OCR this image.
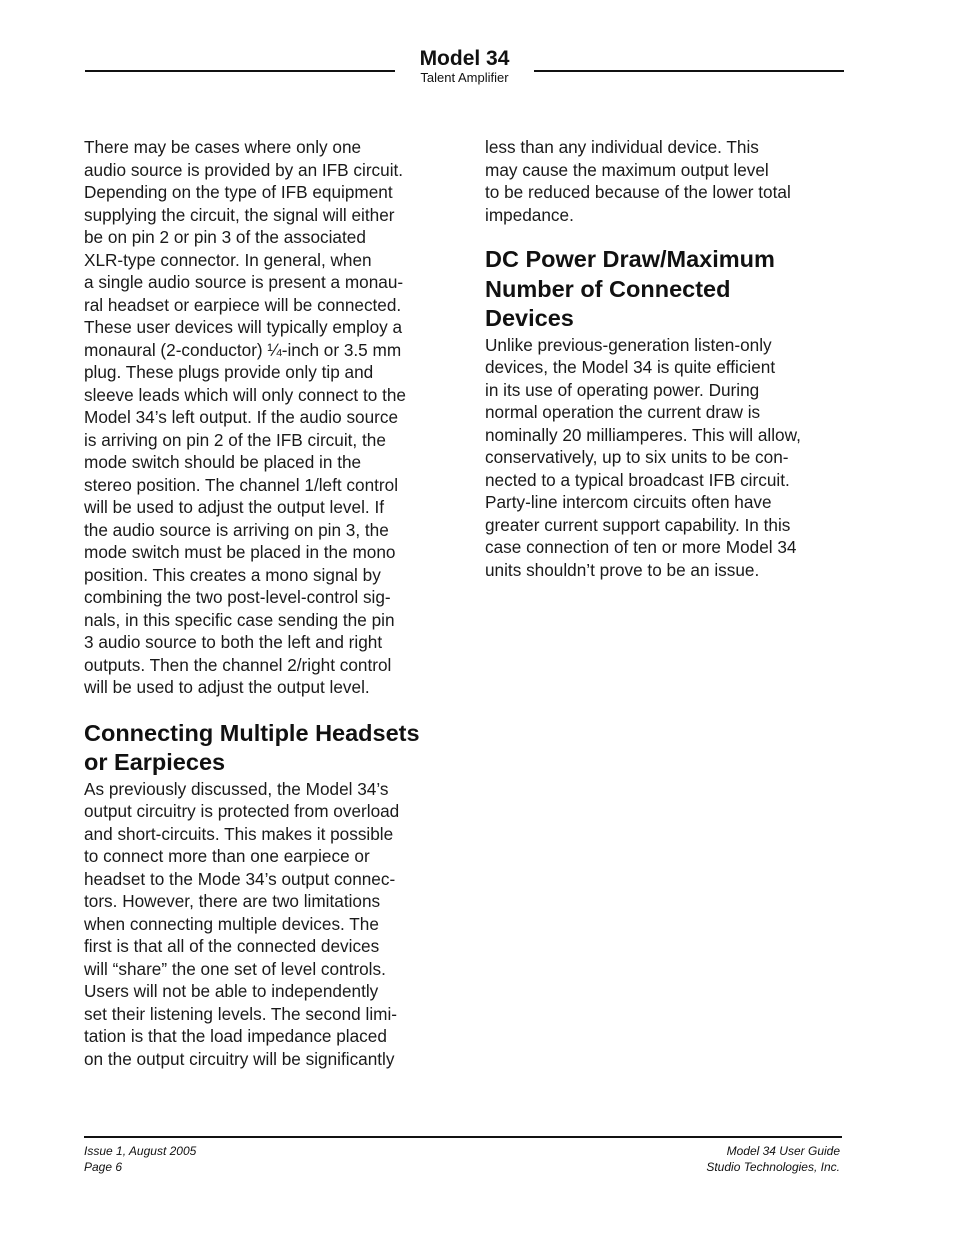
Model 34
Talent Amplifier

There may be cases where only one
audio source is provided by an IFB circuit.
Depending on the type of IFB equipment
supplying the circuit, the signal will either
be on pin 2 or pin 3 of the associated
XLR-type connector. In general, when
a single audio source is present a monau-
ral headset or earpiece will be connected.
These user devices will typically employ a
monaural (2-conductor) ¼-inch or 3.5 mm
plug. These plugs provide only tip and
sleeve leads which will only connect to the
Model 34’s left output. If the audio source
is arriving on pin 2 of the IFB circuit, the
mode switch should be placed in the
stereo position. The channel 1/left control
will be used to adjust the output level. If
the audio source is arriving on pin 3, the
mode switch must be placed in the mono
position. This creates a mono signal by
combining the two post-level-control sig-
nals, in this specific case sending the pin
3 audio source to both the left and right
outputs. Then the channel 2/right control
will be used to adjust the output level.

Connecting Multiple Headsets
or Earpieces

As previously discussed, the Model 34’s
output circuitry is protected from overload
and short-circuits. This makes it possible
to connect more than one earpiece or
headset to the Mode 34’s output connec-
tors. However, there are two limitations
when connecting multiple devices. The
first is that all of the connected devices
will “share” the one set of level controls.
Users will not be able to independently
set their listening levels. The second limi-
tation is that the load impedance placed
on the output circuitry will be significantly

less than any individual device. This
may cause the maximum output level
to be reduced because of the lower total
impedance.

DC Power Draw/Maximum
Number of Connected
Devices

Unlike previous-generation listen-only
devices, the Model 34 is quite efficient
in its use of operating power. During
normal operation the current draw is
nominally 20 milliamperes. This will allow,
conservatively, up to six units to be con-
nected to a typical broadcast IFB circuit.
Party-line intercom circuits often have
greater current support capability. In this
case connection of ten or more Model 34
units shouldn’t prove to be an issue.

Issue 1, August 2005
Page 6
Model 34 User Guide
Studio Technologies, Inc.
